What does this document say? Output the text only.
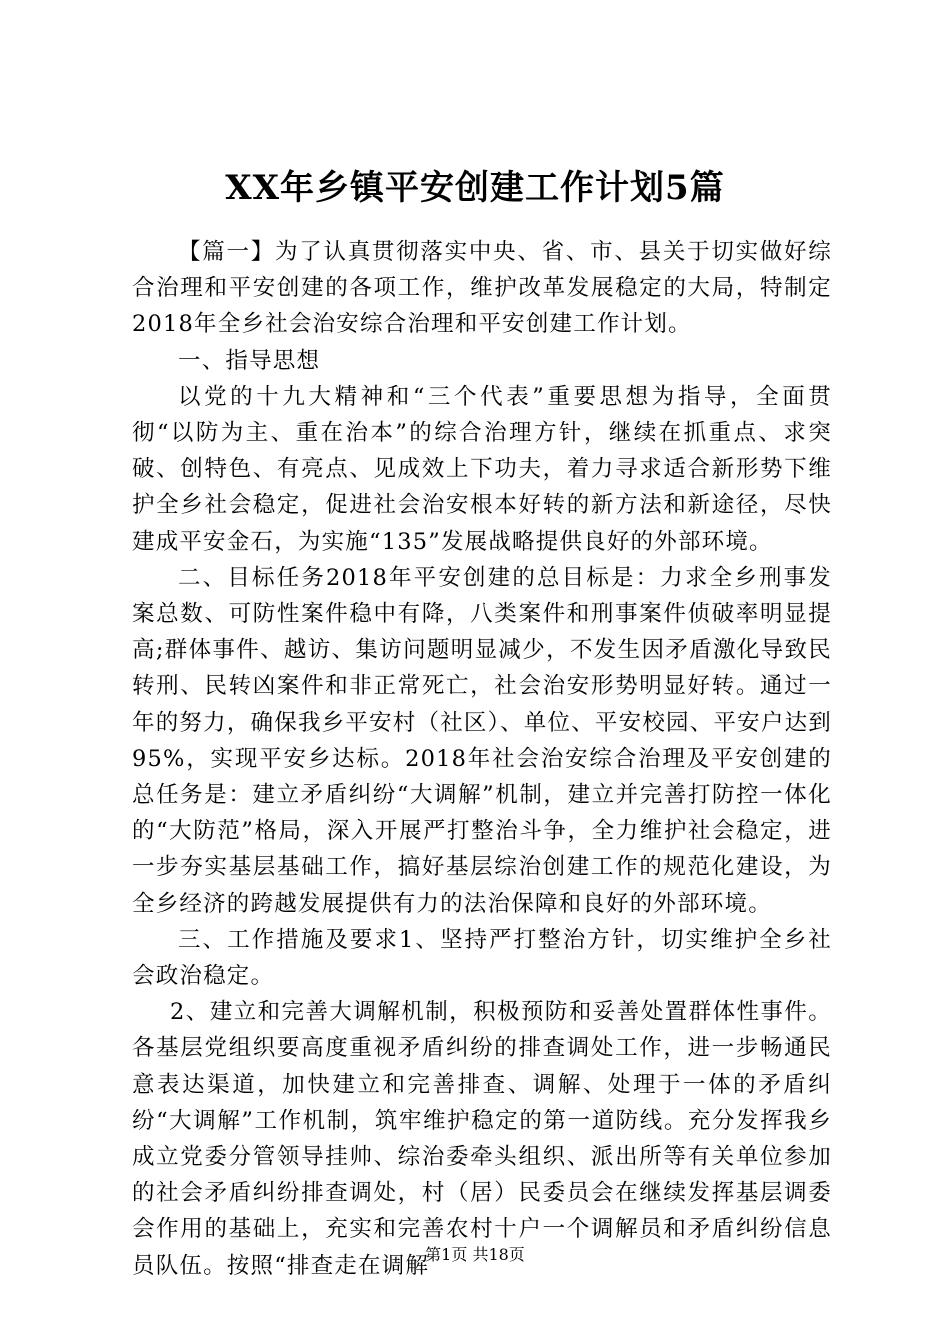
XX年乡镇平安创建工作计划5篇

【篇一】为了认真贯彻落实中央、省、市、县关于切实做好综合治理和平安创建的各项工作，维护改革发展稳定的大局，特制定2018年全乡社会治安综合治理和平安创建工作计划。

一、指导思想

以党的十九大精神和“三个代表”重要思想为指导，全面贯彻“以防为主、重在治本”的综合治理方针，继续在抓重点、求突破、创特色、有亮点、见成效上下功夫，着力寻求适合新形势下维护全乡社会稳定，促进社会治安根本好转的新方法和新途径，尽快建成平安金石，为实施“135”发展战略提供良好的外部环境。

二、目标任务2018年平安创建的总目标是：力求全乡刑事发案总数、可防性案件稳中有降，八类案件和刑事案件侦破率明显提高;群体事件、越访、集访问题明显减少，不发生因矛盾激化导致民转刑、民转凶案件和非正常死亡，社会治安形势明显好转。通过一年的努力，确保我乡平安村（社区）、单位、平安校园、平安户达到95%，实现平安乡达标。2018年社会治安综合治理及平安创建的总任务是：建立矛盾纠纷“大调解”机制，建立并完善打防控一体化的“大防范”格局，深入开展严打整治斗争，全力维护社会稳定，进一步夯实基层基础工作，搞好基层综治创建工作的规范化建设，为全乡经济的跨越发展提供有力的法治保障和良好的外部环境。

三、工作措施及要求1、坚持严打整治方针，切实维护全乡社会政治稳定。

2、建立和完善大调解机制，积极预防和妥善处置群体性事件。各基层党组织要高度重视矛盾纠纷的排查调处工作，进一步畅通民意表达渠道，加快建立和完善排查、调解、处理于一体的矛盾纠纷“大调解”工作机制，筑牢维护稳定的第一道防线。充分发挥我乡成立党委分管领导挂帅、综治委牵头组织、派出所等有关单位参加的社会矛盾纠纷排查调处，村（居）民委员会在继续发挥基层调委会作用的基础上，充实和完善农村十户一个调解员和矛盾纠纷信息员队伍。按照“排查走在调解

第1页 共18页
